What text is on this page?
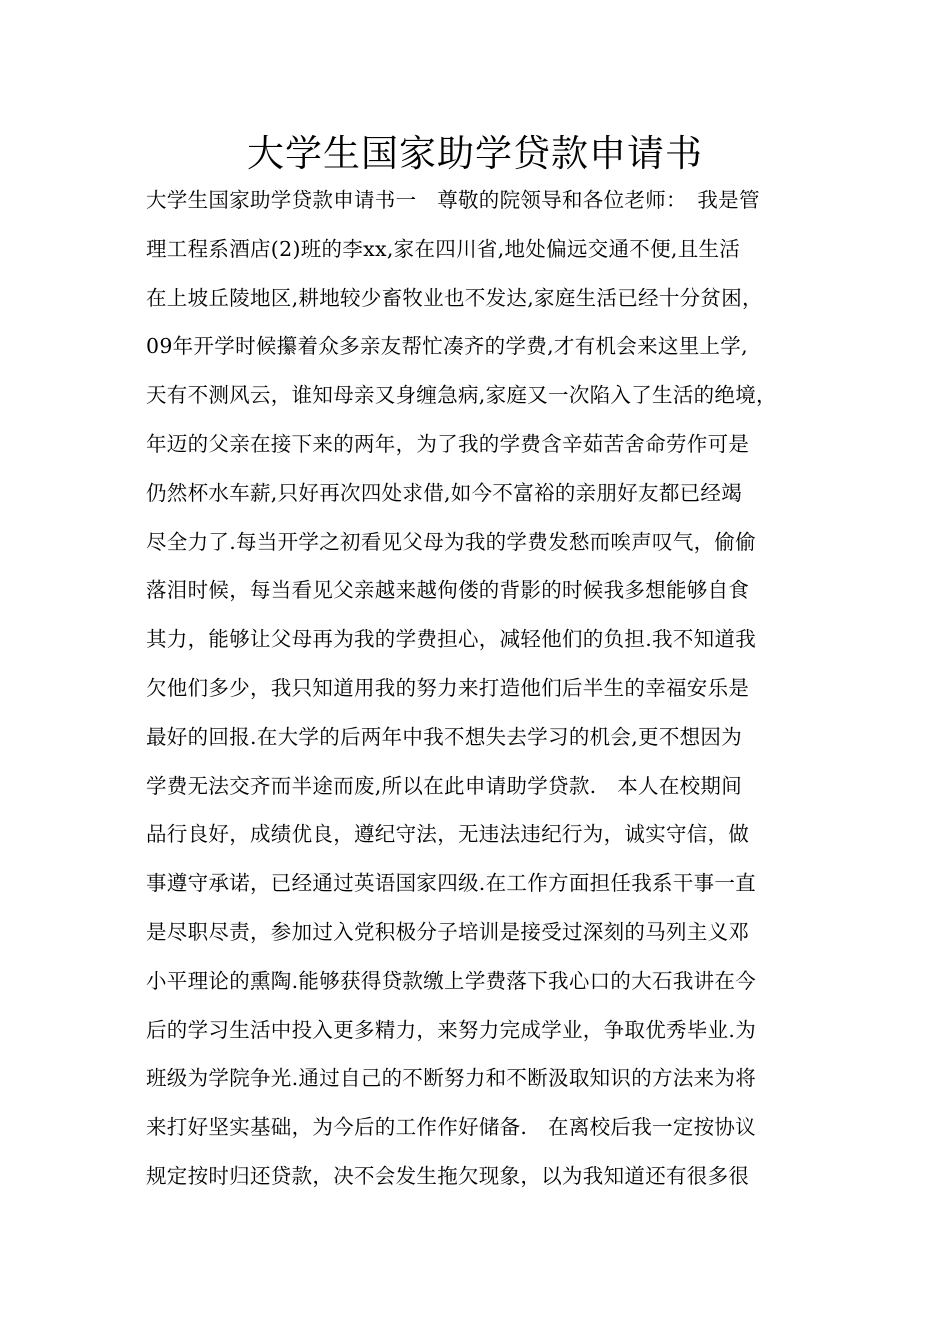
大学生国家助学贷款申请书
大学生国家助学贷款申请书一　尊敬的院领导和各位老师：　我是管
理工程系酒店(2)班的李xx,家在四川省,地处偏远交通不便,且生活
在上坡丘陵地区,耕地较少畜牧业也不发达,家庭生活已经十分贫困，
09年开学时候攥着众多亲友帮忙凑齐的学费,才有机会来这里上学,
天有不测风云，谁知母亲又身缠急病,家庭又一次陷入了生活的绝境，
年迈的父亲在接下来的两年，为了我的学费含辛茹苦舍命劳作可是
仍然杯水车薪,只好再次四处求借,如今不富裕的亲朋好友都已经竭
尽全力了.每当开学之初看见父母为我的学费发愁而唉声叹气，偷偷
落泪时候，每当看见父亲越来越佝偻的背影的时候我多想能够自食
其力，能够让父母再为我的学费担心，减轻他们的负担.我不知道我
欠他们多少，我只知道用我的努力来打造他们后半生的幸福安乐是
最好的回报.在大学的后两年中我不想失去学习的机会,更不想因为
学费无法交齐而半途而废,所以在此申请助学贷款.　本人在校期间
品行良好，成绩优良，遵纪守法，无违法违纪行为，诚实守信，做
事遵守承诺，已经通过英语国家四级.在工作方面担任我系干事一直
是尽职尽责，参加过入党积极分子培训是接受过深刻的马列主义邓
小平理论的熏陶.能够获得贷款缴上学费落下我心口的大石我讲在今
后的学习生活中投入更多精力，来努力完成学业，争取优秀毕业.为
班级为学院争光.通过自己的不断努力和不断汲取知识的方法来为将
来打好坚实基础，为今后的工作作好储备.　在离校后我一定按协议
规定按时归还贷款，决不会发生拖欠现象，以为我知道还有很多很
